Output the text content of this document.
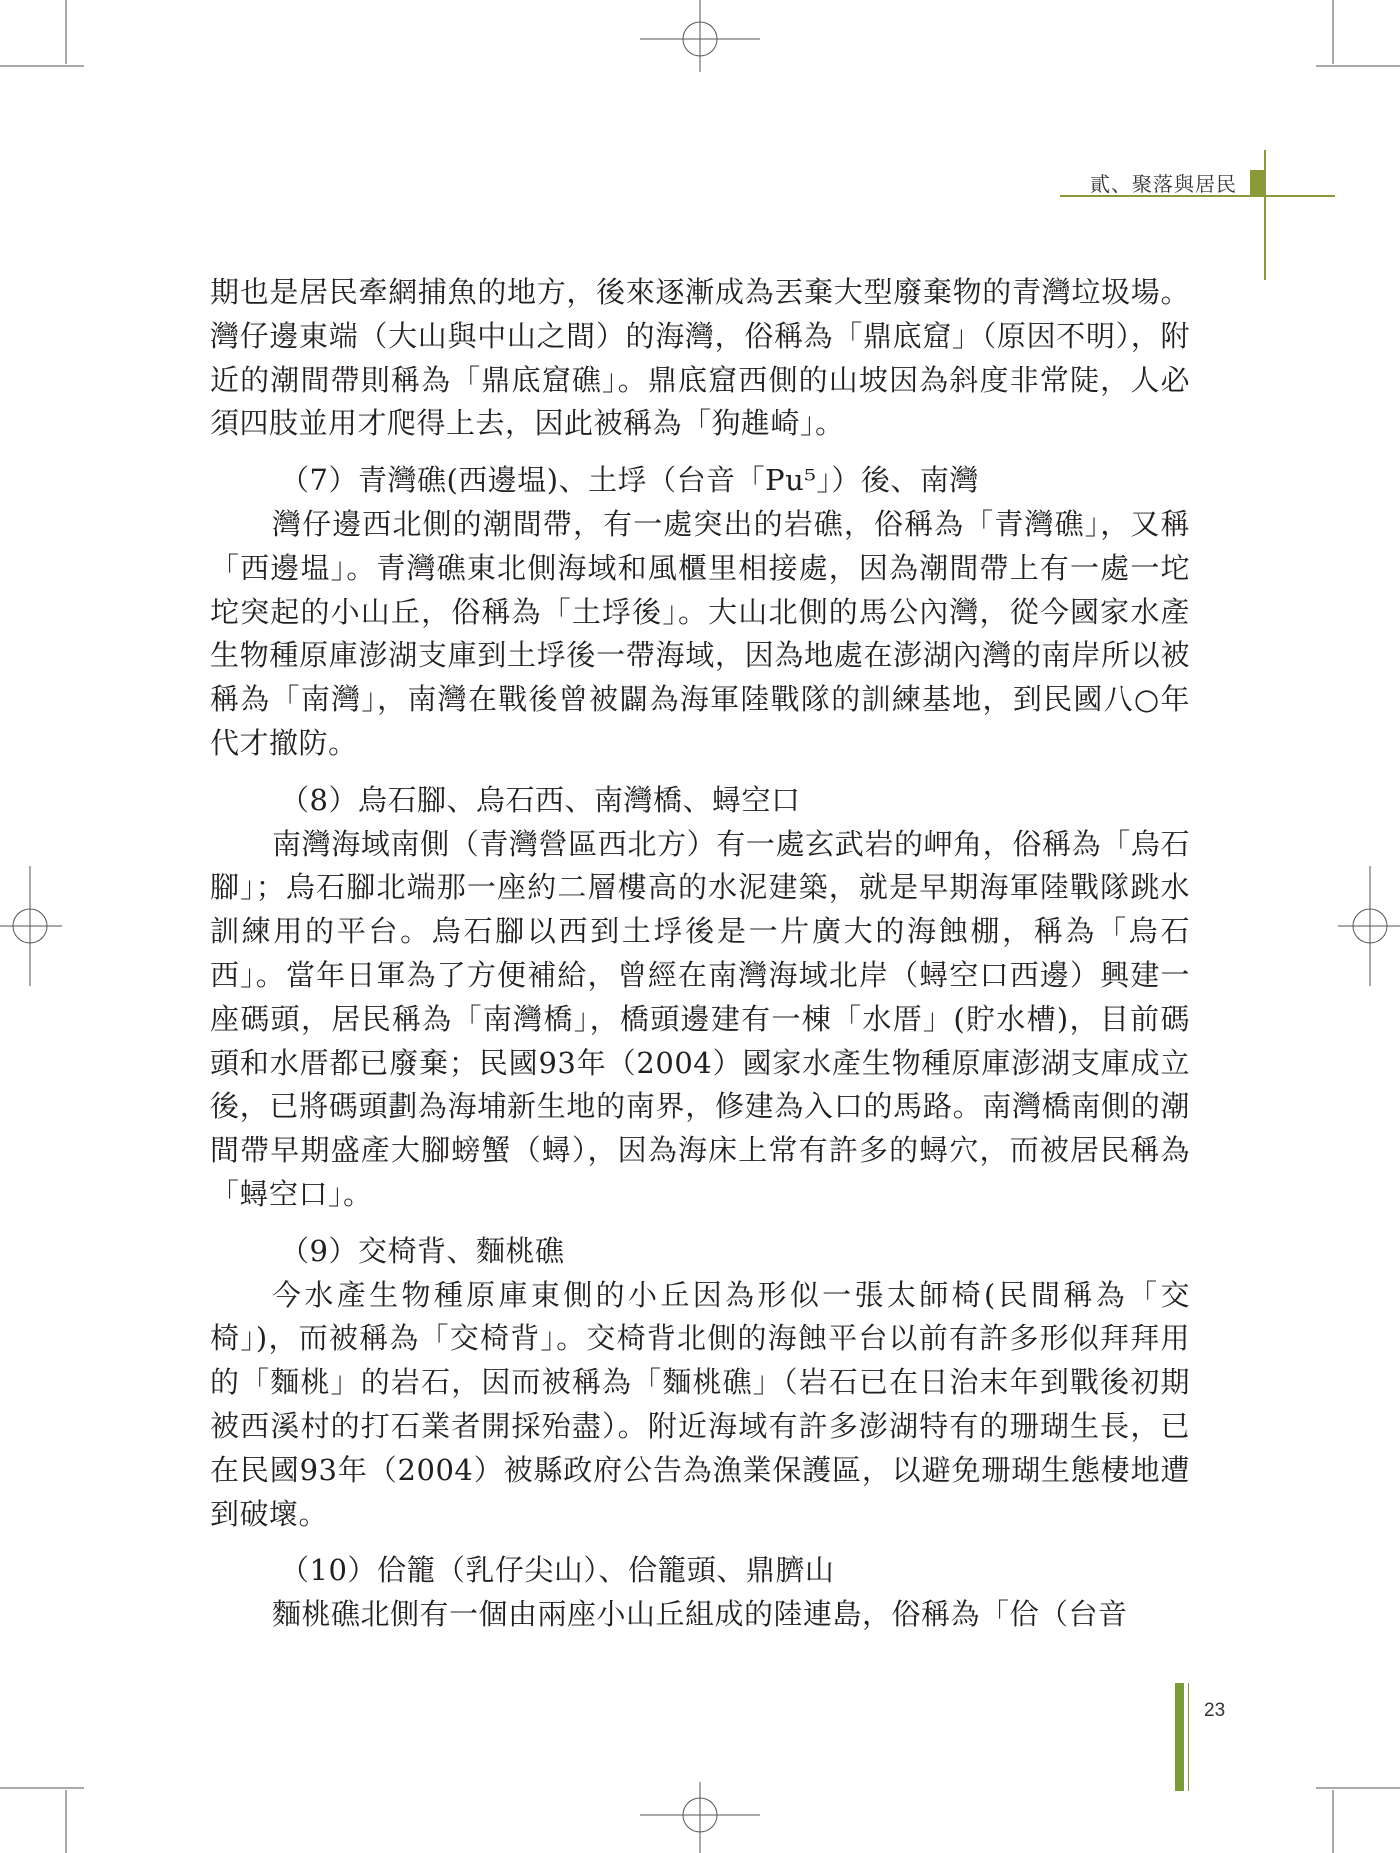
貳、聚落與居民

期也是居民牽網捕魚的地方，後來逐漸成為丟棄大型廢棄物的青灣垃圾場。灣仔邊東端（大山與中山之間）的海灣，俗稱為「鼎底窟」（原因不明），附近的潮間帶則稱為「鼎底窟礁」。鼎底窟西側的山坡因為斜度非常陡，人必須四肢並用才爬得上去，因此被稱為「狗趡崎」。

（7）青灣礁(西邊塭)、土垺（台音「Pu⁵」）後、南灣

灣仔邊西北側的潮間帶，有一處突出的岩礁，俗稱為「青灣礁」，又稱「西邊塭」。青灣礁東北側海域和風櫃里相接處，因為潮間帶上有一處一坨坨突起的小山丘，俗稱為「土垺後」。大山北側的馬公內灣，從今國家水產生物種原庫澎湖支庫到土垺後一帶海域，因為地處在澎湖內灣的南岸所以被稱為「南灣」，南灣在戰後曾被闢為海軍陸戰隊的訓練基地，到民國八○年代才撤防。

（8）烏石腳、烏石西、南灣橋、蟳空口

南灣海域南側（青灣營區西北方）有一處玄武岩的岬角，俗稱為「烏石腳」；烏石腳北端那一座約二層樓高的水泥建築，就是早期海軍陸戰隊跳水訓練用的平台。烏石腳以西到土垺後是一片廣大的海蝕棚，稱為「烏石西」。當年日軍為了方便補給，曾經在南灣海域北岸（蟳空口西邊）興建一座碼頭，居民稱為「南灣橋」，橋頭邊建有一棟「水厝」(貯水槽)，目前碼頭和水厝都已廢棄；民國93年（2004）國家水產生物種原庫澎湖支庫成立後，已將碼頭劃為海埔新生地的南界，修建為入口的馬路。南灣橋南側的潮間帶早期盛產大腳螃蟹（蟳），因為海床上常有許多的蟳穴，而被居民稱為「蟳空口」。

（9）交椅背、麵桃礁

今水產生物種原庫東側的小丘因為形似一張太師椅(民間稱為「交椅」)，而被稱為「交椅背」。交椅背北側的海蝕平台以前有許多形似拜拜用的「麵桃」的岩石，因而被稱為「麵桃礁」（岩石已在日治末年到戰後初期被西溪村的打石業者開採殆盡）。附近海域有許多澎湖特有的珊瑚生長，已在民國93年（2004）被縣政府公告為漁業保護區，以避免珊瑚生態棲地遭到破壞。

（10）佮籠（乳仔尖山）、佮籠頭、鼎臍山

麵桃礁北側有一個由兩座小山丘組成的陸連島，俗稱為「佮（台音

23
